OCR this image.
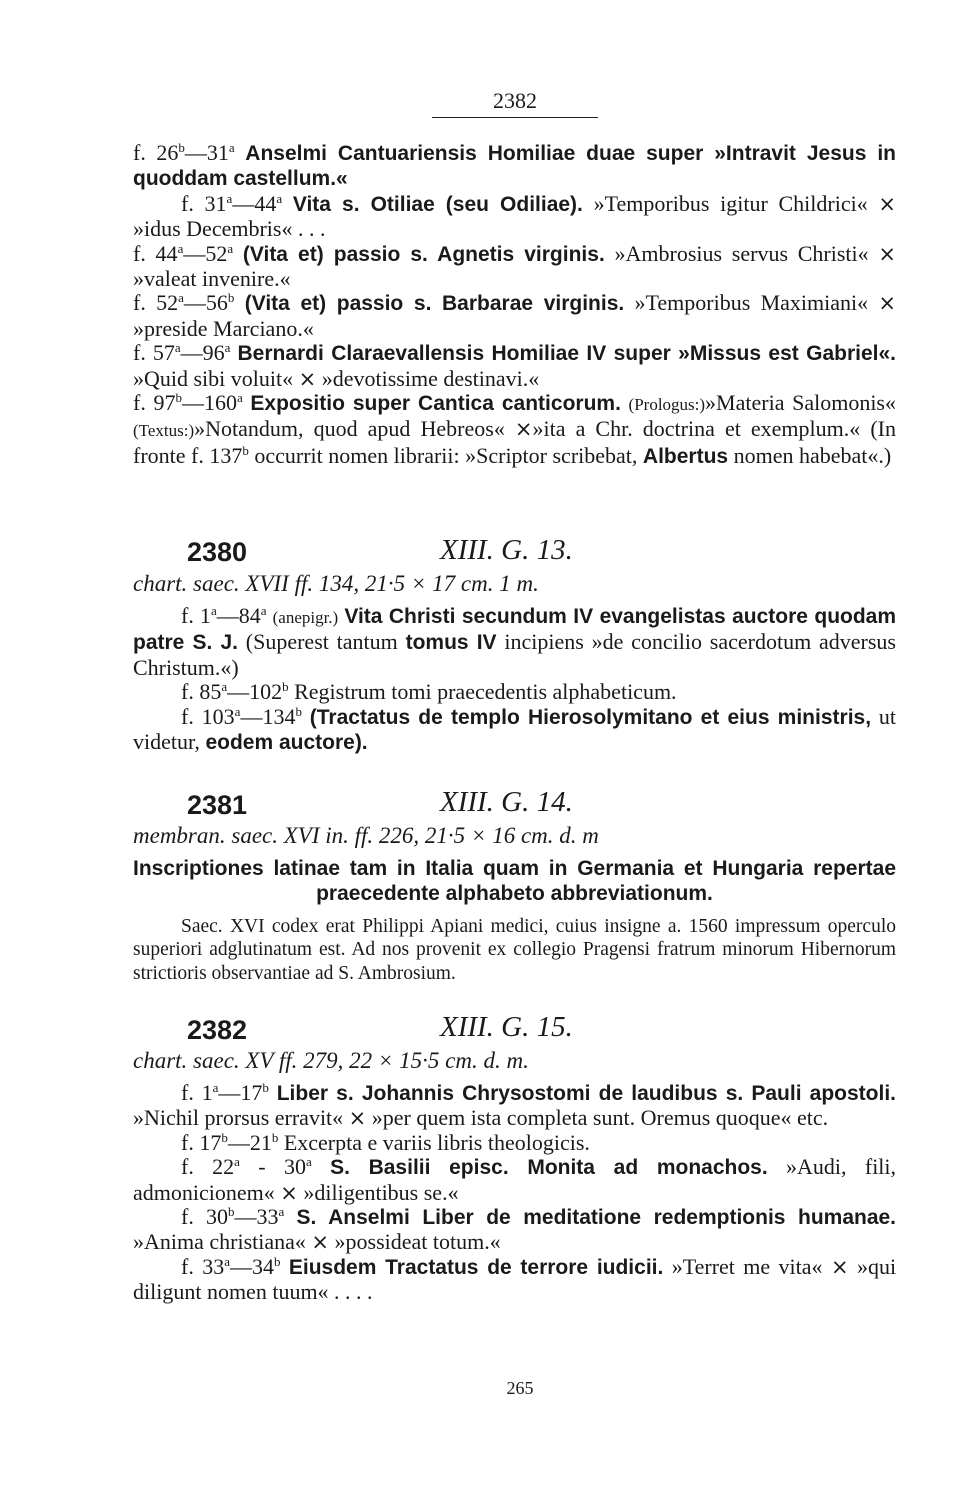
2382

f. 26$^b$—31$^a$ Anselmi Cantuariensis Homiliae duae super »Intravit Jesus in quoddam castellum.«

f. 31$^a$—44$^a$ Vita s. Otiliae (seu Odiliae). »Temporibus igitur Childrici« × »idus Decembris« . . .

f. 44$^a$—52$^a$ (Vita et) passio s. Agnetis virginis. »Ambrosius servus Christi« × »valeat invenire.«

f. 52$^a$—56$^b$ (Vita et) passio s. Barbarae virginis. »Temporibus Maximiani« × »preside Marciano.«

f. 57$^a$—96$^a$ Bernardi Claraevallensis Homiliae IV super »Missus est Gabriel«. »Quid sibi voluit« × »devotissime destinavi.«

f. 97$^b$—160$^a$ Expositio super Cantica canticorum. (Prologus:)»Materia Salomonis« (Textus:)»Notandum, quod apud Hebreos« ×»ita a Chr. doctrina et exemplum.« (In fronte f. 137$^b$ occurrit nomen librarii: »Scriptor scribebat, Albertus nomen habebat«.)

2380	XIII. G. 13.
chart. saec. XVII ff. 134, 21·5 × 17 cm. 1 m.

f. 1$^a$—84$^a$ (anepigr.) Vita Christi secundum IV evangelistas auctore quodam patre S. J. (Superest tantum tomus IV incipiens »de concilio sacerdotum adversus Christum.«)

f. 85$^a$—102$^b$ Registrum tomi praecedentis alphabeticum.

f. 103$^a$—134$^b$ (Tractatus de templo Hierosolymitano et eius ministris, ut videtur, eodem auctore).

2381	XIII. G. 14.
membran. saec. XVI in. ff. 226, 21·5 × 16 cm. d. m

Inscriptiones latinae tam in Italia quam in Germania et Hungaria repertae praecedente alphabeto abbreviationum.

Saec. XVI codex erat Philippi Apiani medici, cuius insigne a. 1560 impressum operculo superiori adglutinatum est. Ad nos provenit ex collegio Pragensi fratrum minorum Hibernorum strictioris observantiae ad S. Ambrosium.

2382	XIII. G. 15.
chart. saec. XV ff. 279, 22 × 15·5 cm. d. m.

f. 1$^a$—17$^b$ Liber s. Johannis Chrysostomi de laudibus s. Pauli apostoli. »Nichil prorsus erravit« × »per quem ista completa sunt. Oremus quoque« etc.

f. 17$^b$—21$^b$ Excerpta e variis libris theologicis.

f. 22$^a$ - 30$^a$ S. Basilii episc. Monita ad monachos. »Audi, fili, admonicionem« × »diligentibus se.«

f. 30$^b$—33$^a$ S. Anselmi Liber de meditatione redemptionis humanae. »Anima christiana« × »possideat totum.«

f. 33$^a$—34$^b$ Eiusdem Tractatus de terrore iudicii. »Terret me vita« × »qui diligunt nomen tuum« . . . .

265
